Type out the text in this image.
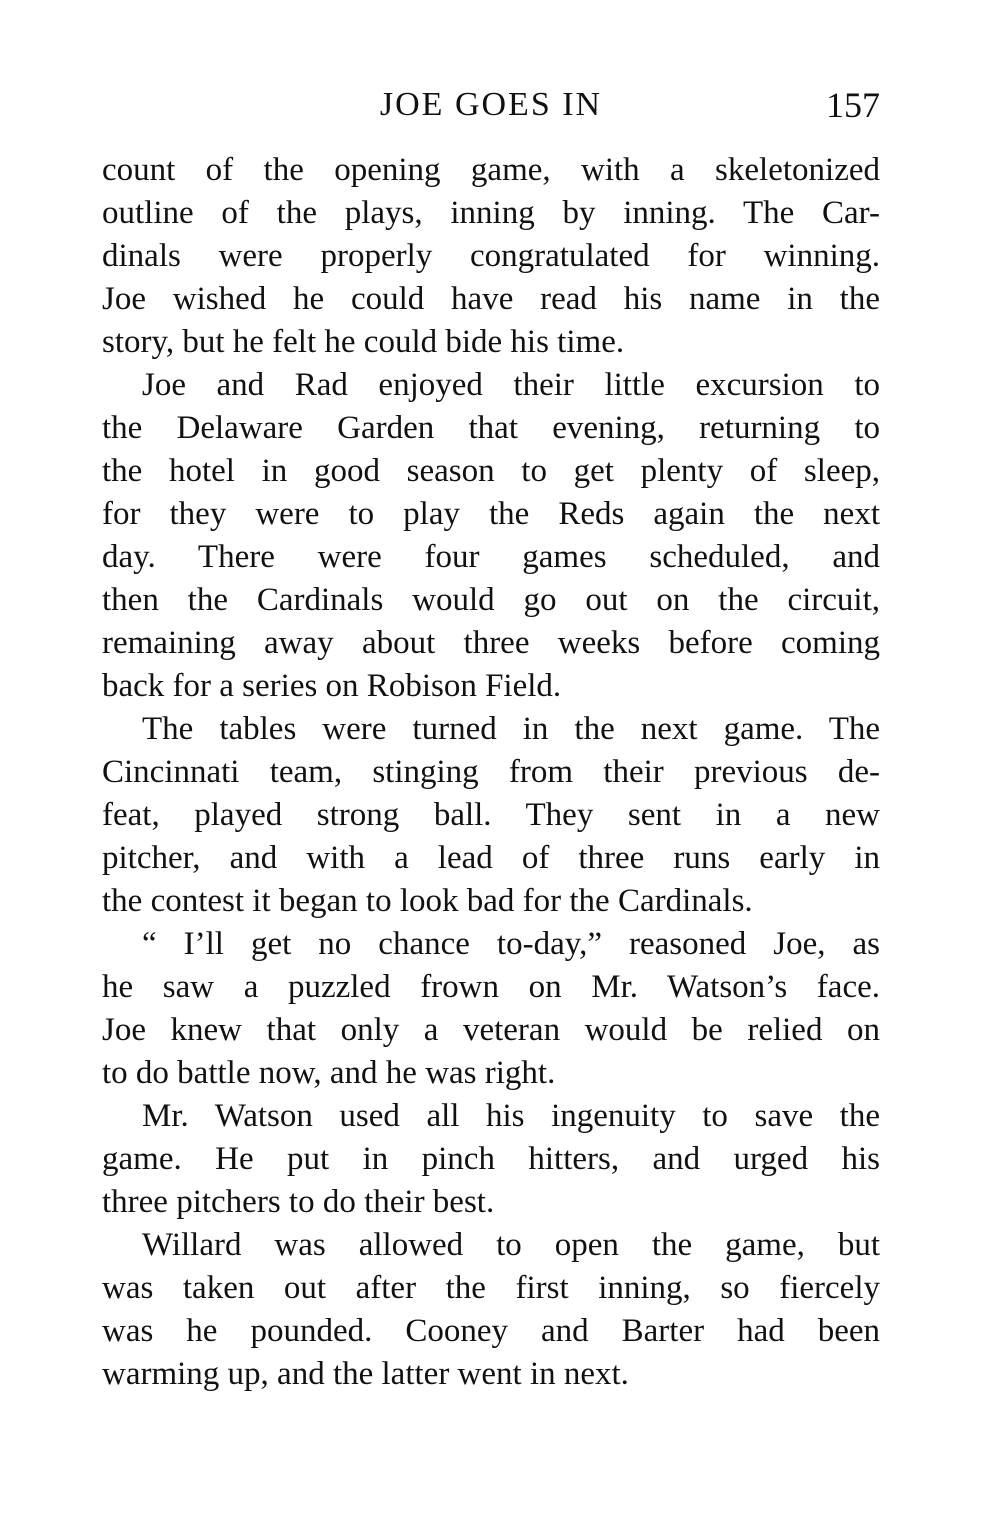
JOE GOES IN	157
count of the opening game, with a skeletonized
outline of the plays, inning by inning. The Car-
dinals were properly congratulated for winning.
Joe wished he could have read his name in the
story, but he felt he could bide his time.
Joe and Rad enjoyed their little excursion to
the Delaware Garden that evening, returning to
the hotel in good season to get plenty of sleep,
for they were to play the Reds again the next
day. There were four games scheduled, and
then the Cardinals would go out on the circuit,
remaining away about three weeks before coming
back for a series on Robison Field.
The tables were turned in the next game. The
Cincinnati team, stinging from their previous de-
feat, played strong ball. They sent in a new
pitcher, and with a lead of three runs early in
the contest it began to look bad for the Cardinals.
“ I’ll get no chance to-day,” reasoned Joe, as
he saw a puzzled frown on Mr. Watson’s face.
Joe knew that only a veteran would be relied on
to do battle now, and he was right.
Mr. Watson used all his ingenuity to save the
game. He put in pinch hitters, and urged his
three pitchers to do their best.
Willard was allowed to open the game, but
was taken out after the first inning, so fiercely
was he pounded. Cooney and Barter had been
warming up, and the latter went in next.
